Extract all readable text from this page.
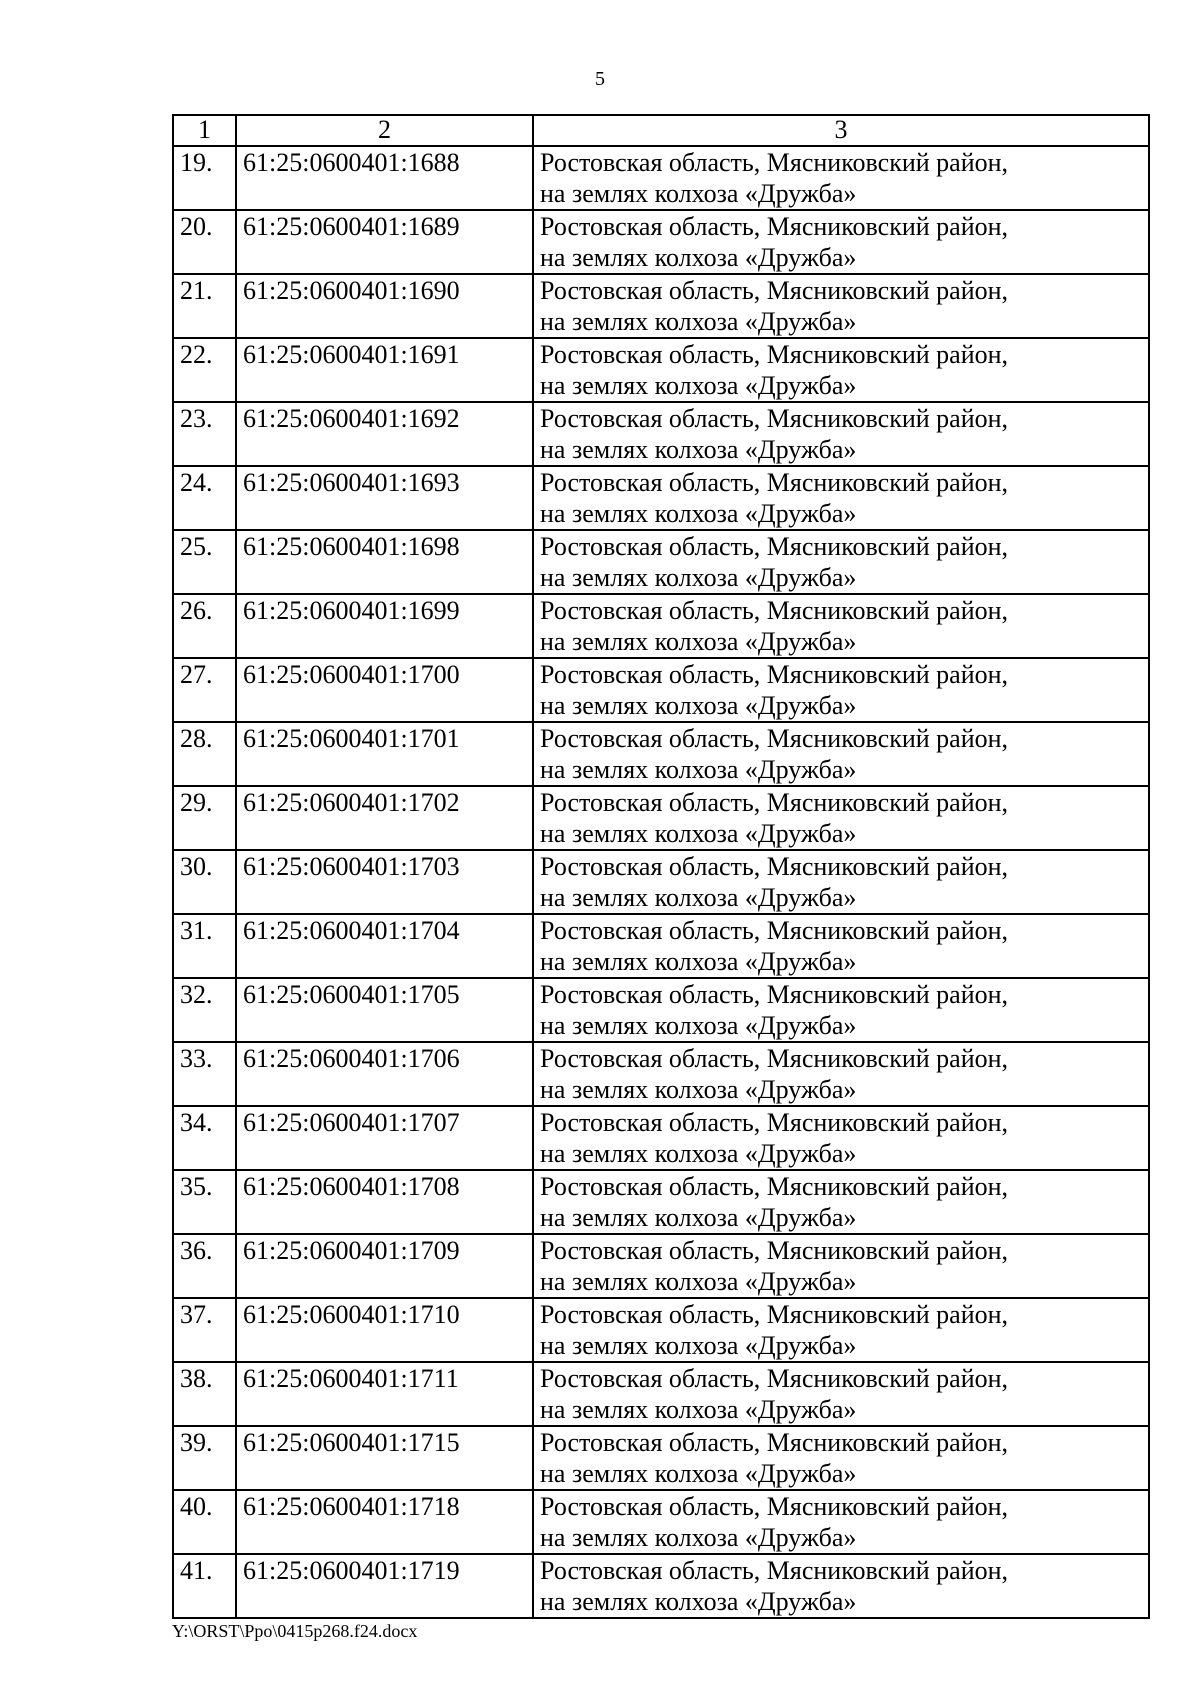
5
1	2	3
19.	61:25:0600401:1688	Ростовская область, Мясниковский район,
на землях колхоза «Дружба»

20.	61:25:0600401:1689	Ростовская область, Мясниковский район,
на землях колхоза «Дружба»

21.	61:25:0600401:1690	Ростовская область, Мясниковский район,
на землях колхоза «Дружба»

22.	61:25:0600401:1691	Ростовская область, Мясниковский район,
на землях колхоза «Дружба»

23.	61:25:0600401:1692	Ростовская область, Мясниковский район,
на землях колхоза «Дружба»

24.	61:25:0600401:1693	Ростовская область, Мясниковский район,
на землях колхоза «Дружба»

25.	61:25:0600401:1698	Ростовская область, Мясниковский район,
на землях колхоза «Дружба»

26.	61:25:0600401:1699	Ростовская область, Мясниковский район,
на землях колхоза «Дружба»

27.	61:25:0600401:1700	Ростовская область, Мясниковский район,
на землях колхоза «Дружба»

28.	61:25:0600401:1701	Ростовская область, Мясниковский район,
на землях колхоза «Дружба»

29.	61:25:0600401:1702	Ростовская область, Мясниковский район,
на землях колхоза «Дружба»

30.	61:25:0600401:1703	Ростовская область, Мясниковский район,
на землях колхоза «Дружба»

31.	61:25:0600401:1704	Ростовская область, Мясниковский район,
на землях колхоза «Дружба»

32.	61:25:0600401:1705	Ростовская область, Мясниковский район,
на землях колхоза «Дружба»

33.	61:25:0600401:1706	Ростовская область, Мясниковский район,
на землях колхоза «Дружба»

34.	61:25:0600401:1707	Ростовская область, Мясниковский район,
на землях колхоза «Дружба»

35.	61:25:0600401:1708	Ростовская область, Мясниковский район,
на землях колхоза «Дружба»

36.	61:25:0600401:1709	Ростовская область, Мясниковский район,
на землях колхоза «Дружба»

37.	61:25:0600401:1710	Ростовская область, Мясниковский район,
на землях колхоза «Дружба»

38.	61:25:0600401:1711	Ростовская область, Мясниковский район,
на землях колхоза «Дружба»

39.	61:25:0600401:1715	Ростовская область, Мясниковский район,
на землях колхоза «Дружба»

40.	61:25:0600401:1718	Ростовская область, Мясниковский район,
на землях колхоза «Дружба»

41.	61:25:0600401:1719	Ростовская область, Мясниковский район,
на землях колхоза «Дружба»
Y:\ORST\Ppo\0415p268.f24.docx
